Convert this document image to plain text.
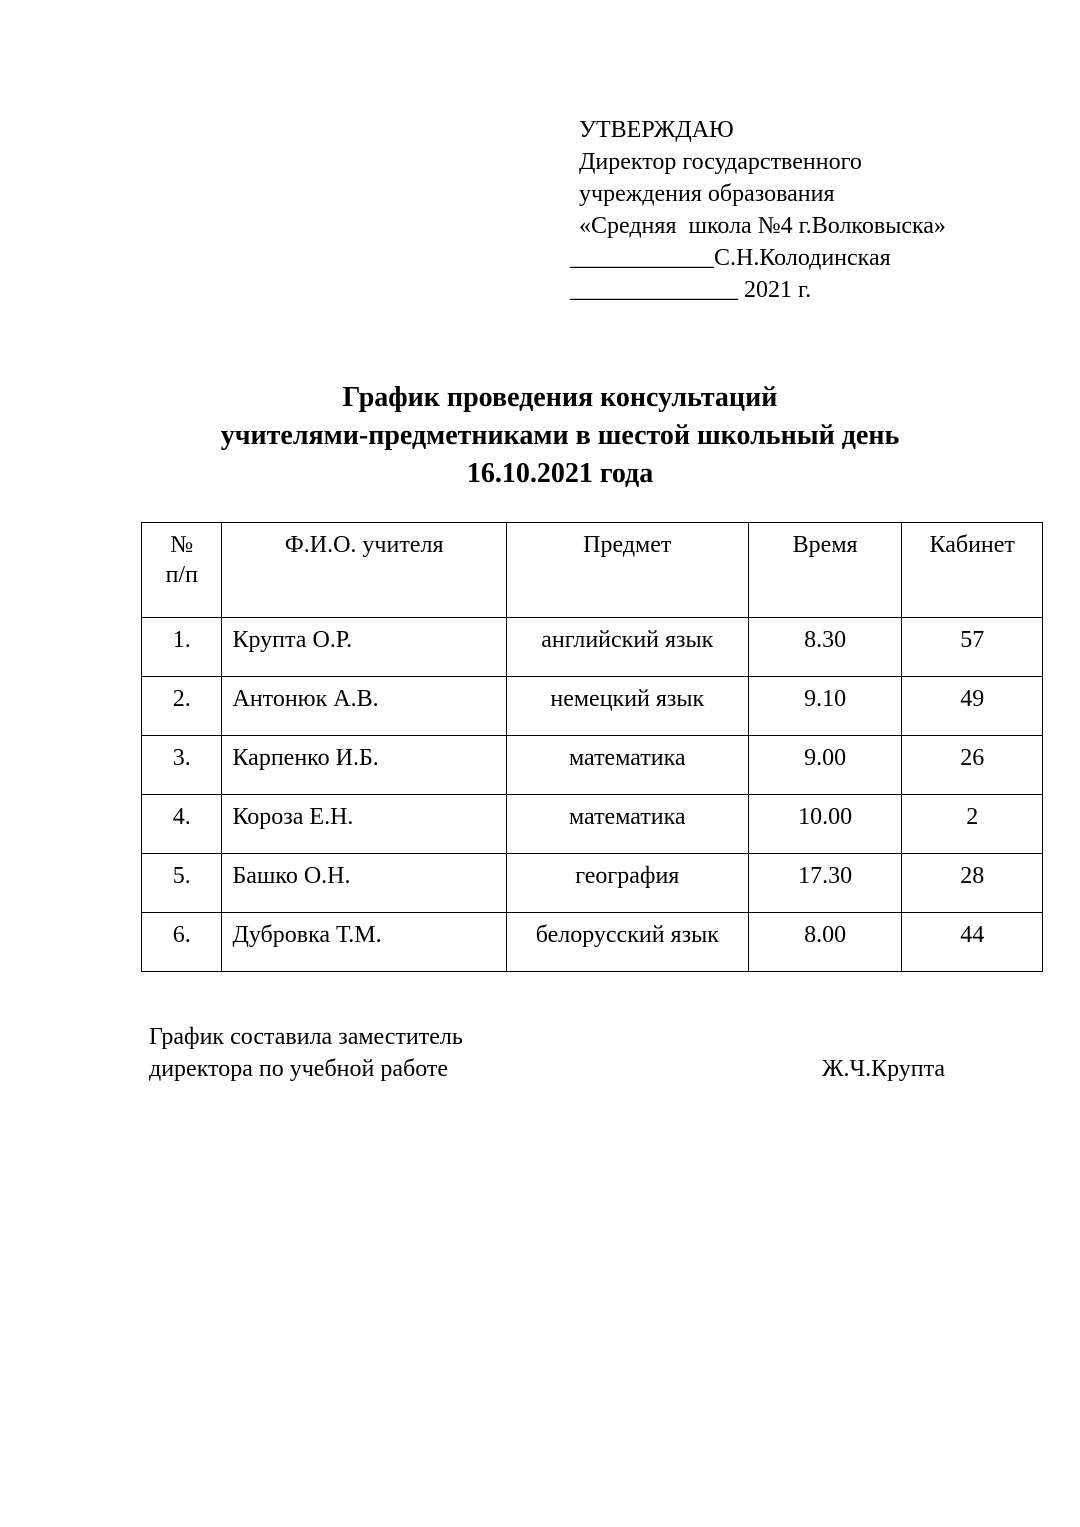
УТВЕРЖДАЮ
Директор государственного
учреждения образования
«Средняя  школа №4 г.Волковыска»
____________С.Н.Колодинская
______________ 2021 г.
График проведения консультаций
учителями-предметниками в шестой школьный день
16.10.2021 года
№
п/п	Ф.И.О. учителя	Предмет	Время	Кабинет
1.	Крупта О.Р.	английский язык	8.30	57
2.	Антонюк А.В.	немецкий язык	9.10	49
3.	Карпенко И.Б.	математика	9.00	26
4.	Короза Е.Н.	математика	10.00	2
5.	Башко О.Н.	география	17.30	28
6.	Дубровка Т.М.	белорусский язык	8.00	44
График составила заместитель
директора по учебной работе	Ж.Ч.Крупта
